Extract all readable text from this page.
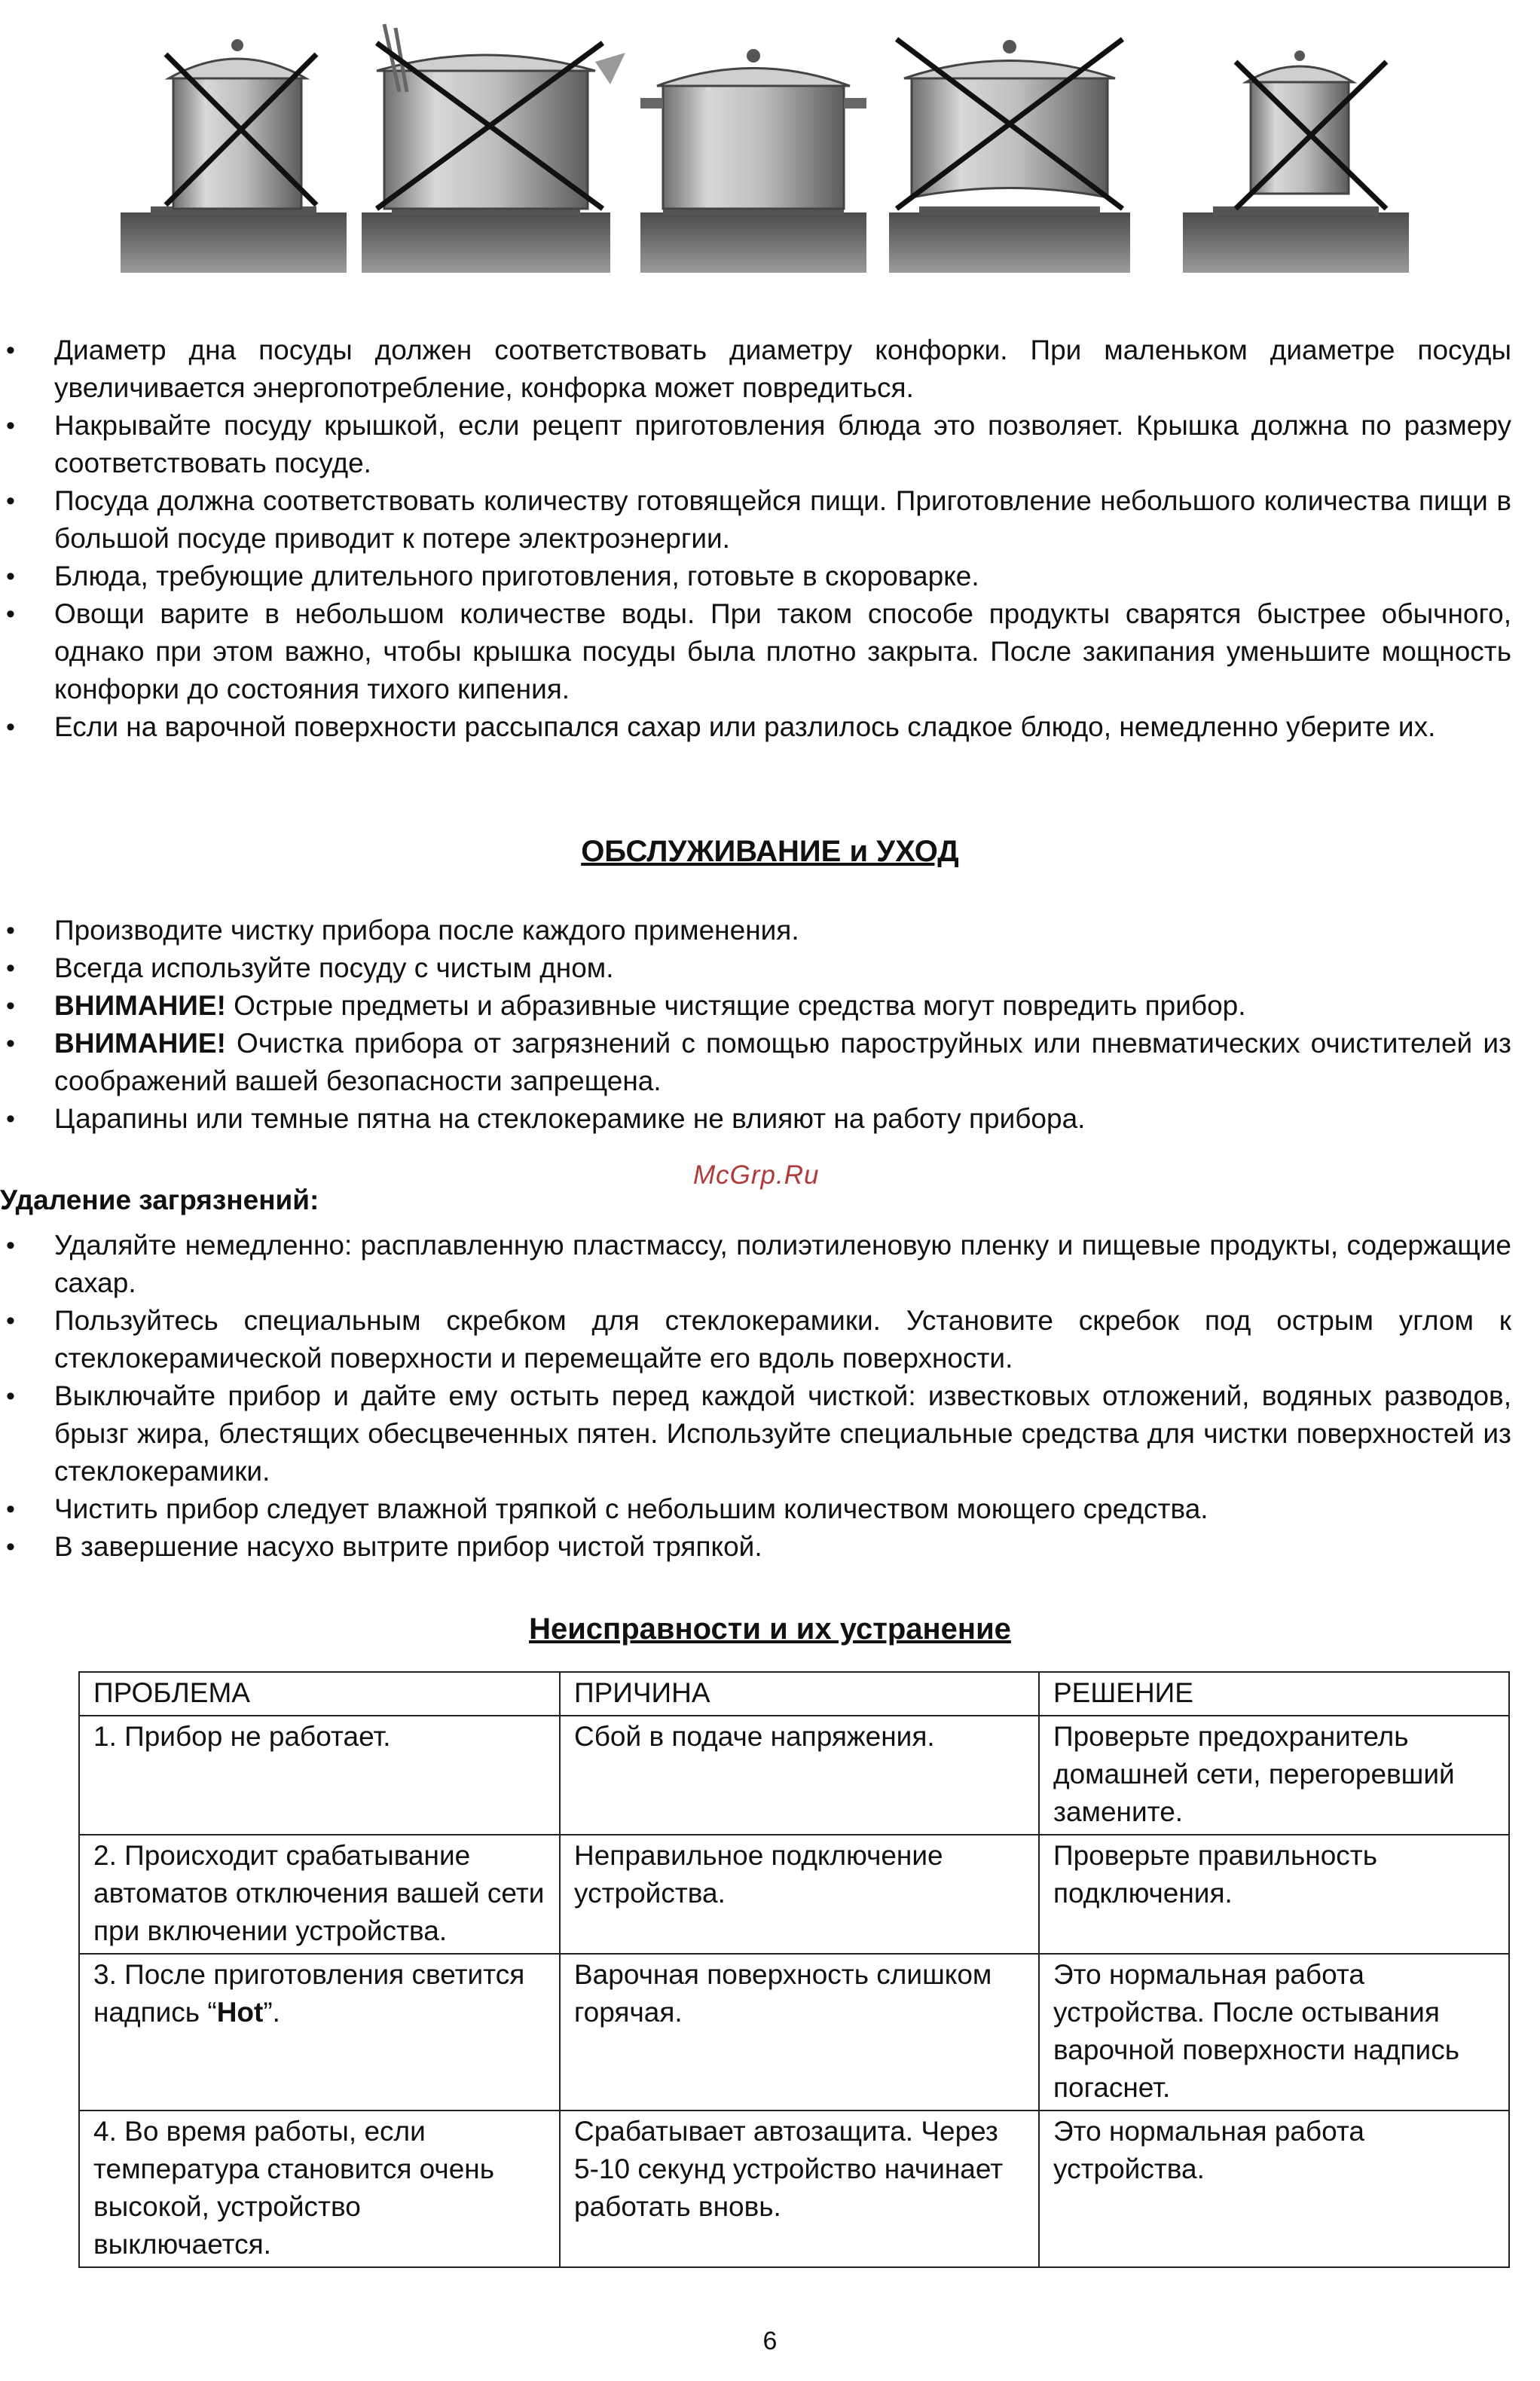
• Диаметр дна посуды должен соответствовать диаметру конфорки. При маленьком диаметре посуды увеличивается энергопотребление, конфорка может повредиться.
• Накрывайте посуду крышкой, если рецепт приготовления блюда это позволяет. Крышка должна по размеру соответствовать посуде.
• Посуда должна соответствовать количеству готовящейся пищи. Приготовление небольшого количества пищи в большой посуде приводит к потере электроэнергии.
• Блюда, требующие длительного приготовления, готовьте в скороварке.
• Овощи варите в небольшом количестве воды. При таком способе продукты сварятся быстрее обычного, однако при этом важно, чтобы крышка посуды была плотно закрыта. После закипания уменьшите мощность конфорки до состояния тихого кипения.
• Если на варочной поверхности рассыпался сахар или разлилось сладкое блюдо, немедленно уберите их.
ОБСЛУЖИВАНИЕ и УХОД
• Производите чистку прибора после каждого применения.
• Всегда используйте посуду с чистым дном.
• ВНИМАНИЕ! Острые предметы и абразивные чистящие средства могут повредить прибор.
• ВНИМАНИЕ! Очистка прибора от загрязнений с помощью пароструйных или пневматических очистителей из соображений вашей безопасности запрещена.
• Царапины или темные пятна на стеклокерамике не влияют на работу прибора.
McGrp.Ru
Удаление загрязнений:
• Удаляйте немедленно: расплавленную пластмассу, полиэтиленовую пленку и пищевые продукты, содержащие сахар.
• Пользуйтесь специальным скребком для стеклокерамики. Установите скребок под острым углом к стеклокерамической поверхности и перемещайте его вдоль поверхности.
• Выключайте прибор и дайте ему остыть перед каждой чисткой: известковых отложений, водяных разводов, брызг жира, блестящих обесцвеченных пятен. Используйте специальные средства для чистки поверхностей из стеклокерамики.
• Чистить прибор следует влажной тряпкой с небольшим количеством моющего средства.
• В завершение насухо вытрите прибор чистой тряпкой.
Неисправности и их устранение
ПРОБЛЕМА	ПРИЧИНА	РЕШЕНИЕ
1. Прибор не работает.	Сбой в подаче напряжения.	Проверьте предохранитель домашней сети, перегоревший замените.
2. Происходит срабатывание автоматов отключения вашей сети при включении устройства.	Неправильное подключение устройства.	Проверьте правильность подключения.
3. После приготовления светится надпись “Hot”.	Варочная поверхность слишком горячая.	Это нормальная работа устройства. После остывания варочной поверхности надпись погаснет.
4. Во время работы, если температура становится очень высокой, устройство выключается.	Срабатывает автозащита. Через 5-10 секунд устройство начинает работать вновь.	Это нормальная работа устройства.
6
